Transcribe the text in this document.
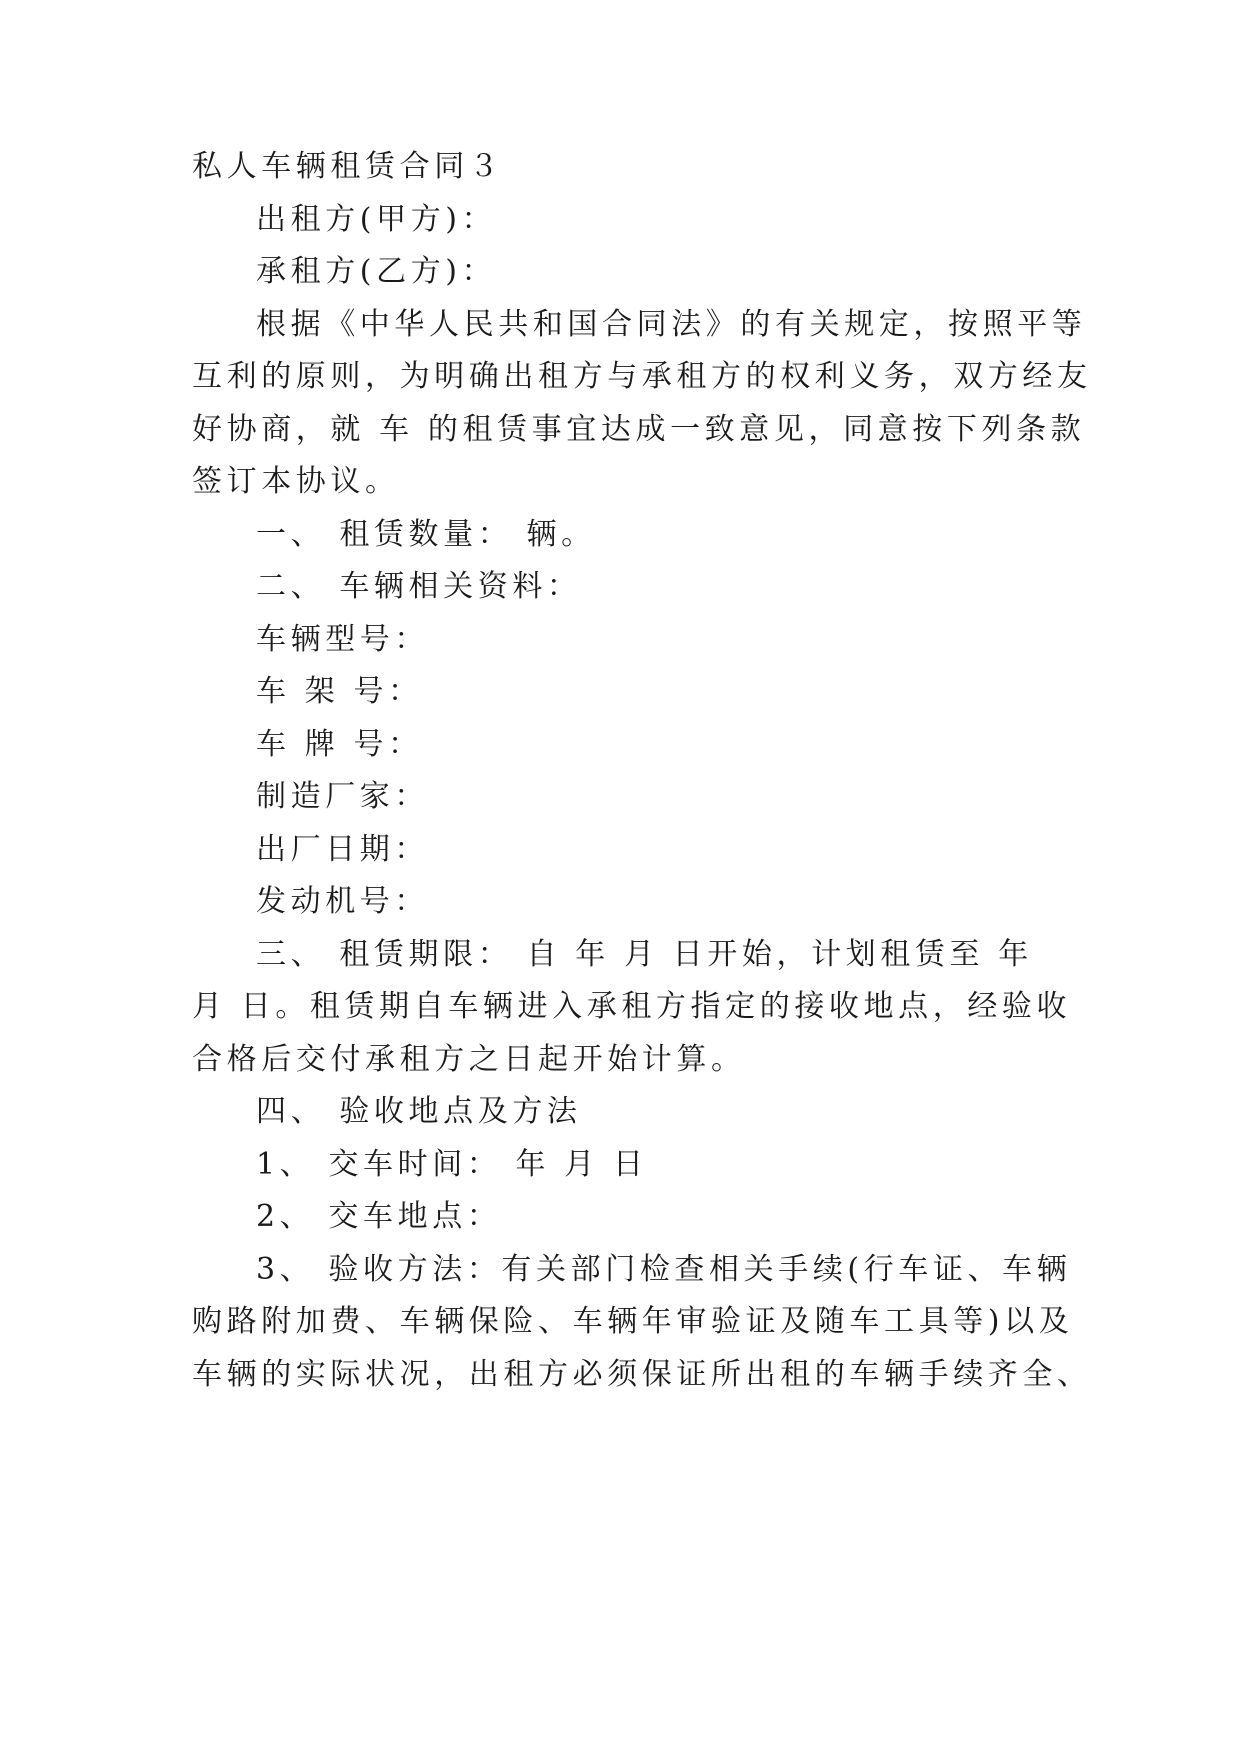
私人车辆租赁合同３

出租方(甲方)：

承租方(乙方)：

根据《中华人民共和国合同法》的有关规定，按照平等

互利的原则，为明确出租方与承租方的权利义务，双方经友

好协商，就 车 的租赁事宜达成一致意见，同意按下列条款

签订本协议。

一、 租赁数量： 辆。

二、 车辆相关资料：

车辆型号：

车 架 号：

车 牌 号：

制造厂家：

出厂日期：

发动机号：

三、 租赁期限： 自 年 月 日开始，计划租赁至 年

月 日。租赁期自车辆进入承租方指定的接收地点，经验收

合格后交付承租方之日起开始计算。

四、 验收地点及方法

1、 交车时间： 年 月 日

2、 交车地点：

3、 验收方法：有关部门检查相关手续(行车证、车辆

购路附加费、车辆保险、车辆年审验证及随车工具等)以及

车辆的实际状况，出租方必须保证所出租的车辆手续齐全、
